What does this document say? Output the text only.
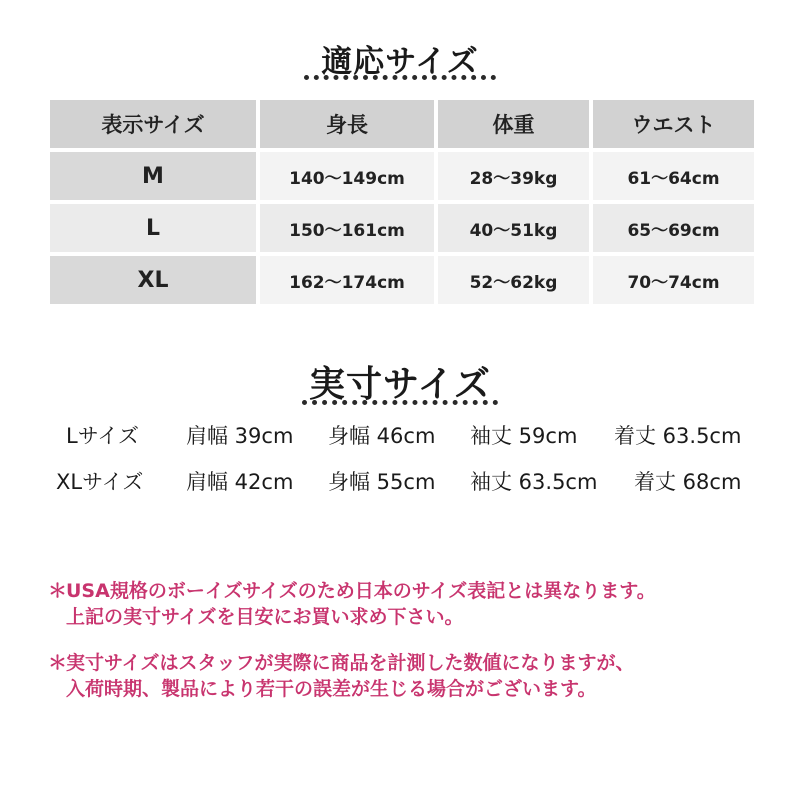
適応サイズ
表示サイズ	身長	体重	ウエスト
M	140～149cm	28～39kg	61～64cm
L	150～161cm	40～51kg	65～69cm
XL	162～174cm	52～62kg	70～74cm
実寸サイズ
Lサイズ 肩幅 39cm 身幅 46cm 袖丈 59cm 着丈 63.5cm
XLサイズ 肩幅 42cm 身幅 55cm 袖丈 63.5cm 着丈 68cm
＊USA規格のボーイズサイズのため日本のサイズ表記とは異なります。
上記の実寸サイズを目安にお買い求め下さい。
＊実寸サイズはスタッフが実際に商品を計測した数値になりますが、
入荷時期、製品により若干の誤差が生じる場合がございます。
